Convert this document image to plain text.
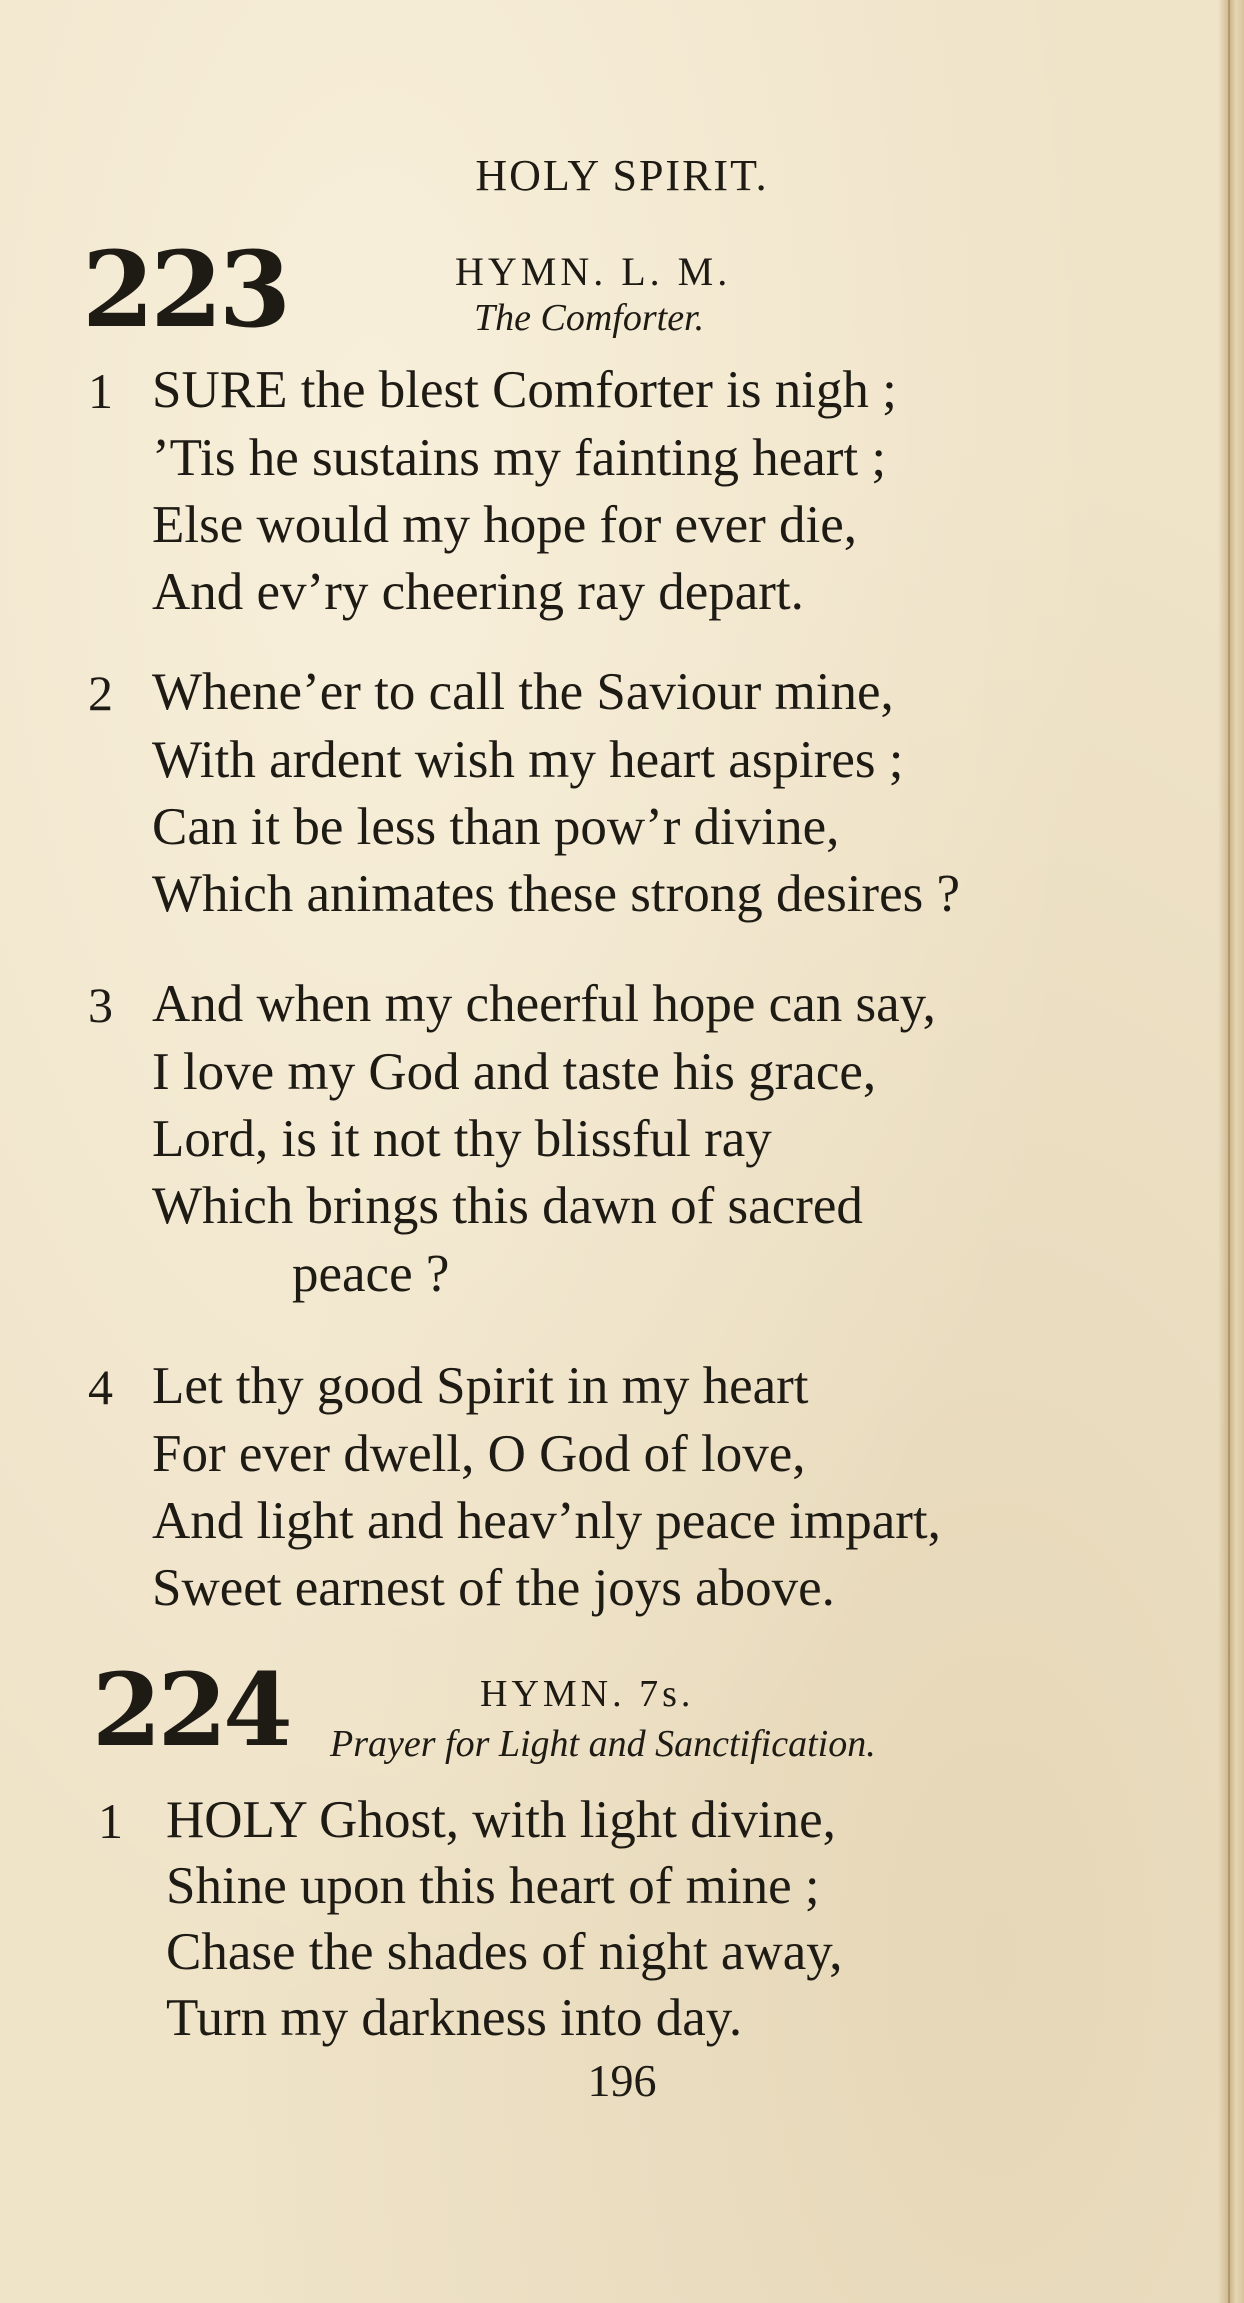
HOLY SPIRIT.
223	HYMN. L. M.
The Comforter.
1 SURE the blest Comforter is nigh ;
’Tis he sustains my fainting heart ;
Else would my hope for ever die,
And ev’ry cheering ray depart.
2 Whene’er to call the Saviour mine,
With ardent wish my heart aspires ;
Can it be less than pow’r divine,
Which animates these strong desires ?
3 And when my cheerful hope can say,
I love my God and taste his grace,
Lord, is it not thy blissful ray
Which brings this dawn of sacred
peace ?
4 Let thy good Spirit in my heart
For ever dwell, O God of love,
And light and heav’nly peace impart,
Sweet earnest of the joys above.
224	HYMN. 7s.
Prayer for Light and Sanctification.
1 HOLY Ghost, with light divine,
Shine upon this heart of mine ;
Chase the shades of night away,
Turn my darkness into day.
196
